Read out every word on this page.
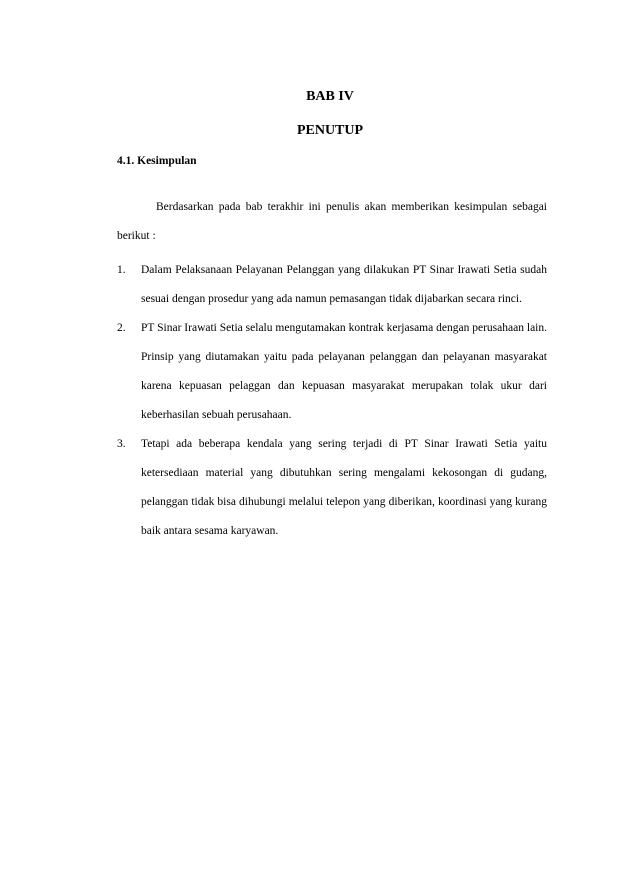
BAB IV
PENUTUP
4.1. Kesimpulan

Berdasarkan pada bab terakhir ini penulis akan memberikan kesimpulan sebagai berikut :

1. Dalam Pelaksanaan Pelayanan Pelanggan yang dilakukan PT Sinar Irawati Setia sudah sesuai dengan prosedur yang ada namun pemasangan tidak dijabarkan secara rinci.
2. PT Sinar Irawati Setia selalu mengutamakan kontrak kerjasama dengan perusahaan lain. Prinsip yang diutamakan yaitu pada pelayanan pelanggan dan pelayanan masyarakat karena kepuasan pelaggan dan kepuasan masyarakat merupakan tolak ukur dari keberhasilan sebuah perusahaan.
3. Tetapi ada beberapa kendala yang sering terjadi di PT Sinar Irawati Setia yaitu ketersediaan material yang dibutuhkan sering mengalami kekosongan di gudang, pelanggan tidak bisa dihubungi melalui telepon yang diberikan, koordinasi yang kurang baik antara sesama karyawan.
